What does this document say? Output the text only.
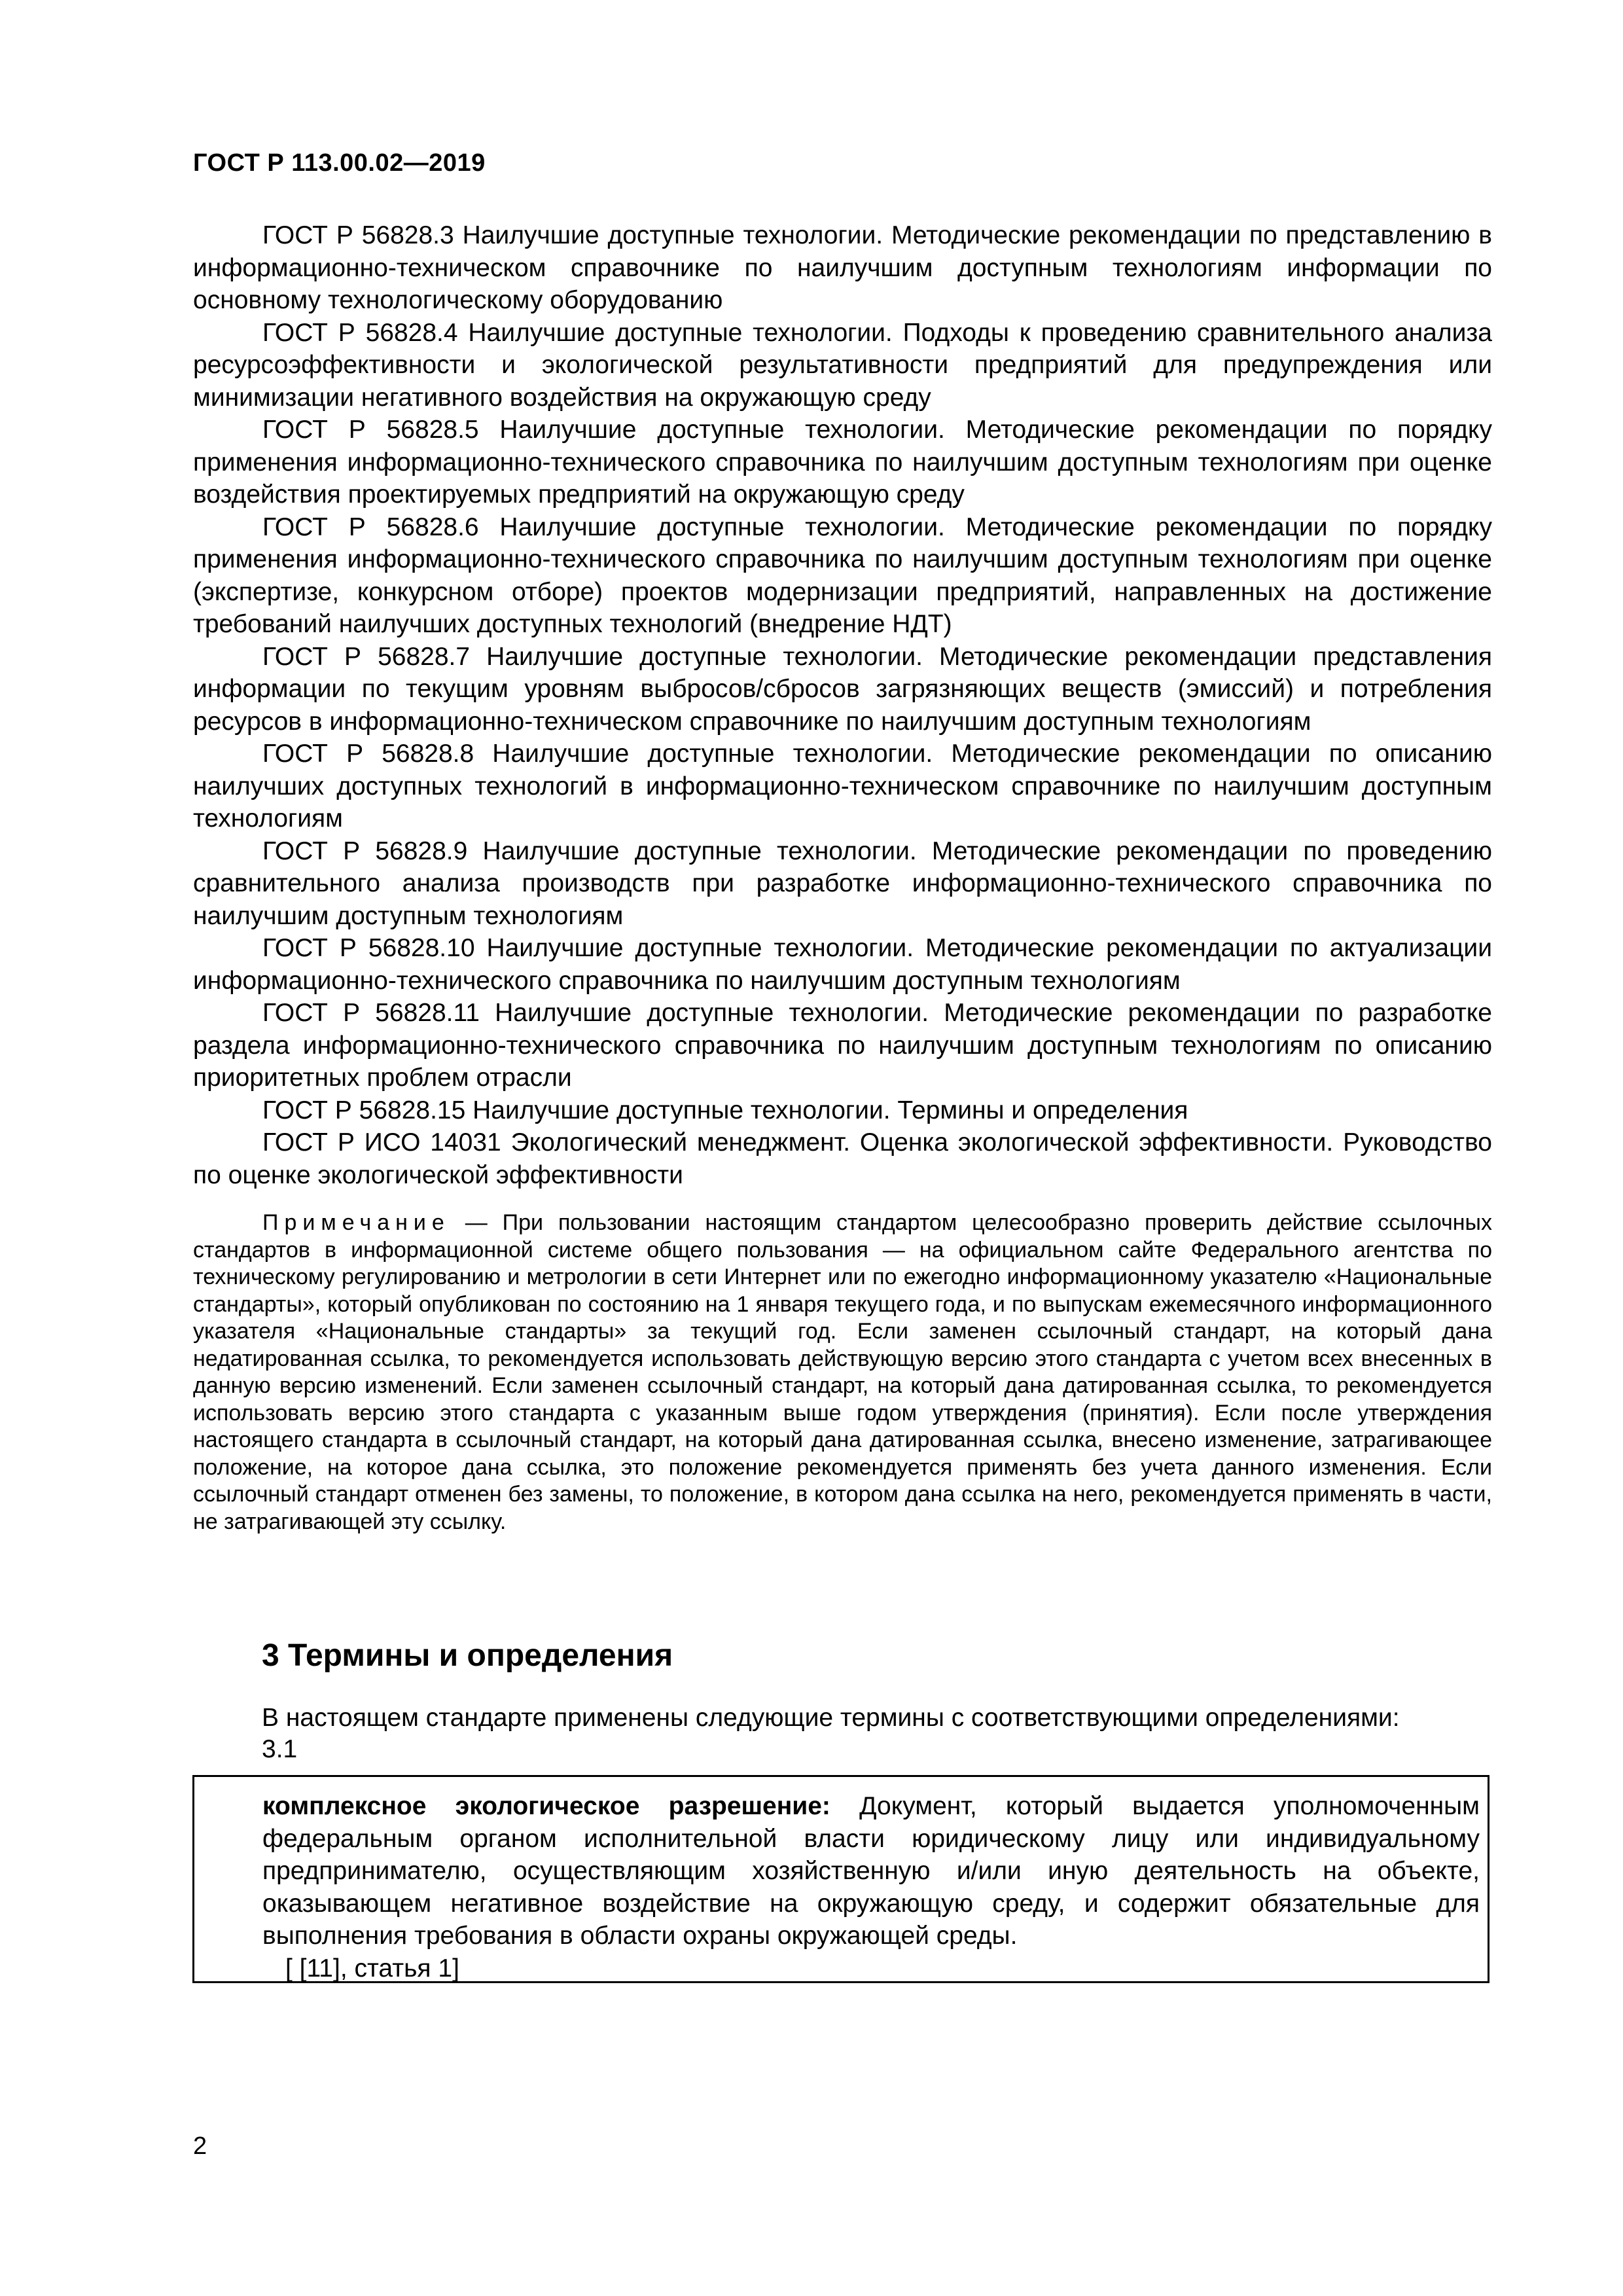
ГОСТ Р 113.00.02—2019

ГОСТ Р 56828.3 Наилучшие доступные технологии. Методические рекомендации по представлению в информационно-техническом справочнике по наилучшим доступным технологиям информации по основному технологическому оборудованию

ГОСТ Р 56828.4 Наилучшие доступные технологии. Подходы к проведению сравнительного анализа ресурсоэффективности и экологической результативности предприятий для предупреждения или минимизации негативного воздействия на окружающую среду

ГОСТ Р 56828.5 Наилучшие доступные технологии. Методические рекомендации по порядку применения информационно-технического справочника по наилучшим доступным технологиям при оценке воздействия проектируемых предприятий на окружающую среду

ГОСТ Р 56828.6 Наилучшие доступные технологии. Методические рекомендации по порядку применения информационно-технического справочника по наилучшим доступным технологиям при оценке (экспертизе, конкурсном отборе) проектов модернизации предприятий, направленных на достижение требований наилучших доступных технологий (внедрение НДТ)

ГОСТ Р 56828.7 Наилучшие доступные технологии. Методические рекомендации представления информации по текущим уровням выбросов/сбросов загрязняющих веществ (эмиссий) и потребления ресурсов в информационно-техническом справочнике по наилучшим доступным технологиям

ГОСТ Р 56828.8 Наилучшие доступные технологии. Методические рекомендации по описанию наилучших доступных технологий в информационно-техническом справочнике по наилучшим доступным технологиям

ГОСТ Р 56828.9 Наилучшие доступные технологии. Методические рекомендации по проведению сравнительного анализа производств при разработке информационно-технического справочника по наилучшим доступным технологиям

ГОСТ Р 56828.10 Наилучшие доступные технологии. Методические рекомендации по актуализации информационно-технического справочника по наилучшим доступным технологиям

ГОСТ Р 56828.11 Наилучшие доступные технологии. Методические рекомендации по разработке раздела информационно-технического справочника по наилучшим доступным технологиям по описанию приоритетных проблем отрасли

ГОСТ Р 56828.15 Наилучшие доступные технологии. Термины и определения

ГОСТ Р ИСО 14031 Экологический менеджмент. Оценка экологической эффективности. Руководство по оценке экологической эффективности

Примечание — При пользовании настоящим стандартом целесообразно проверить действие ссылочных стандартов в информационной системе общего пользования — на официальном сайте Федерального агентства по техническому регулированию и метрологии в сети Интернет или по ежегодно информационному указателю «Национальные стандарты», который опубликован по состоянию на 1 января текущего года, и по выпускам ежемесячного информационного указателя «Национальные стандарты» за текущий год. Если заменен ссылочный стандарт, на который дана недатированная ссылка, то рекомендуется использовать действующую версию этого стандарта с учетом всех внесенных в данную версию изменений. Если заменен ссылочный стандарт, на который дана датированная ссылка, то рекомендуется использовать версию этого стандарта с указанным выше годом утверждения (принятия). Если после утверждения настоящего стандарта в ссылочный стандарт, на который дана датированная ссылка, внесено изменение, затрагивающее положение, на которое дана ссылка, это положение рекомендуется применять без учета данного изменения. Если ссылочный стандарт отменен без замены, то положение, в котором дана ссылка на него, рекомендуется применять в части, не затрагивающей эту ссылку.
3 Термины и определения
В настоящем стандарте применены следующие термины с соответствующими определениями:
3.1

комплексное экологическое разрешение: Документ, который выдается уполномоченным федеральным органом исполнительной власти юридическому лицу или индивидуальному предпринимателю, осуществляющим хозяйственную и/или иную деятельность на объекте, оказывающем негативное воздействие на окружающую среду, и содержит обязательные для выполнения требования в области охраны окружающей среды.

[ [11], статья 1]

2
